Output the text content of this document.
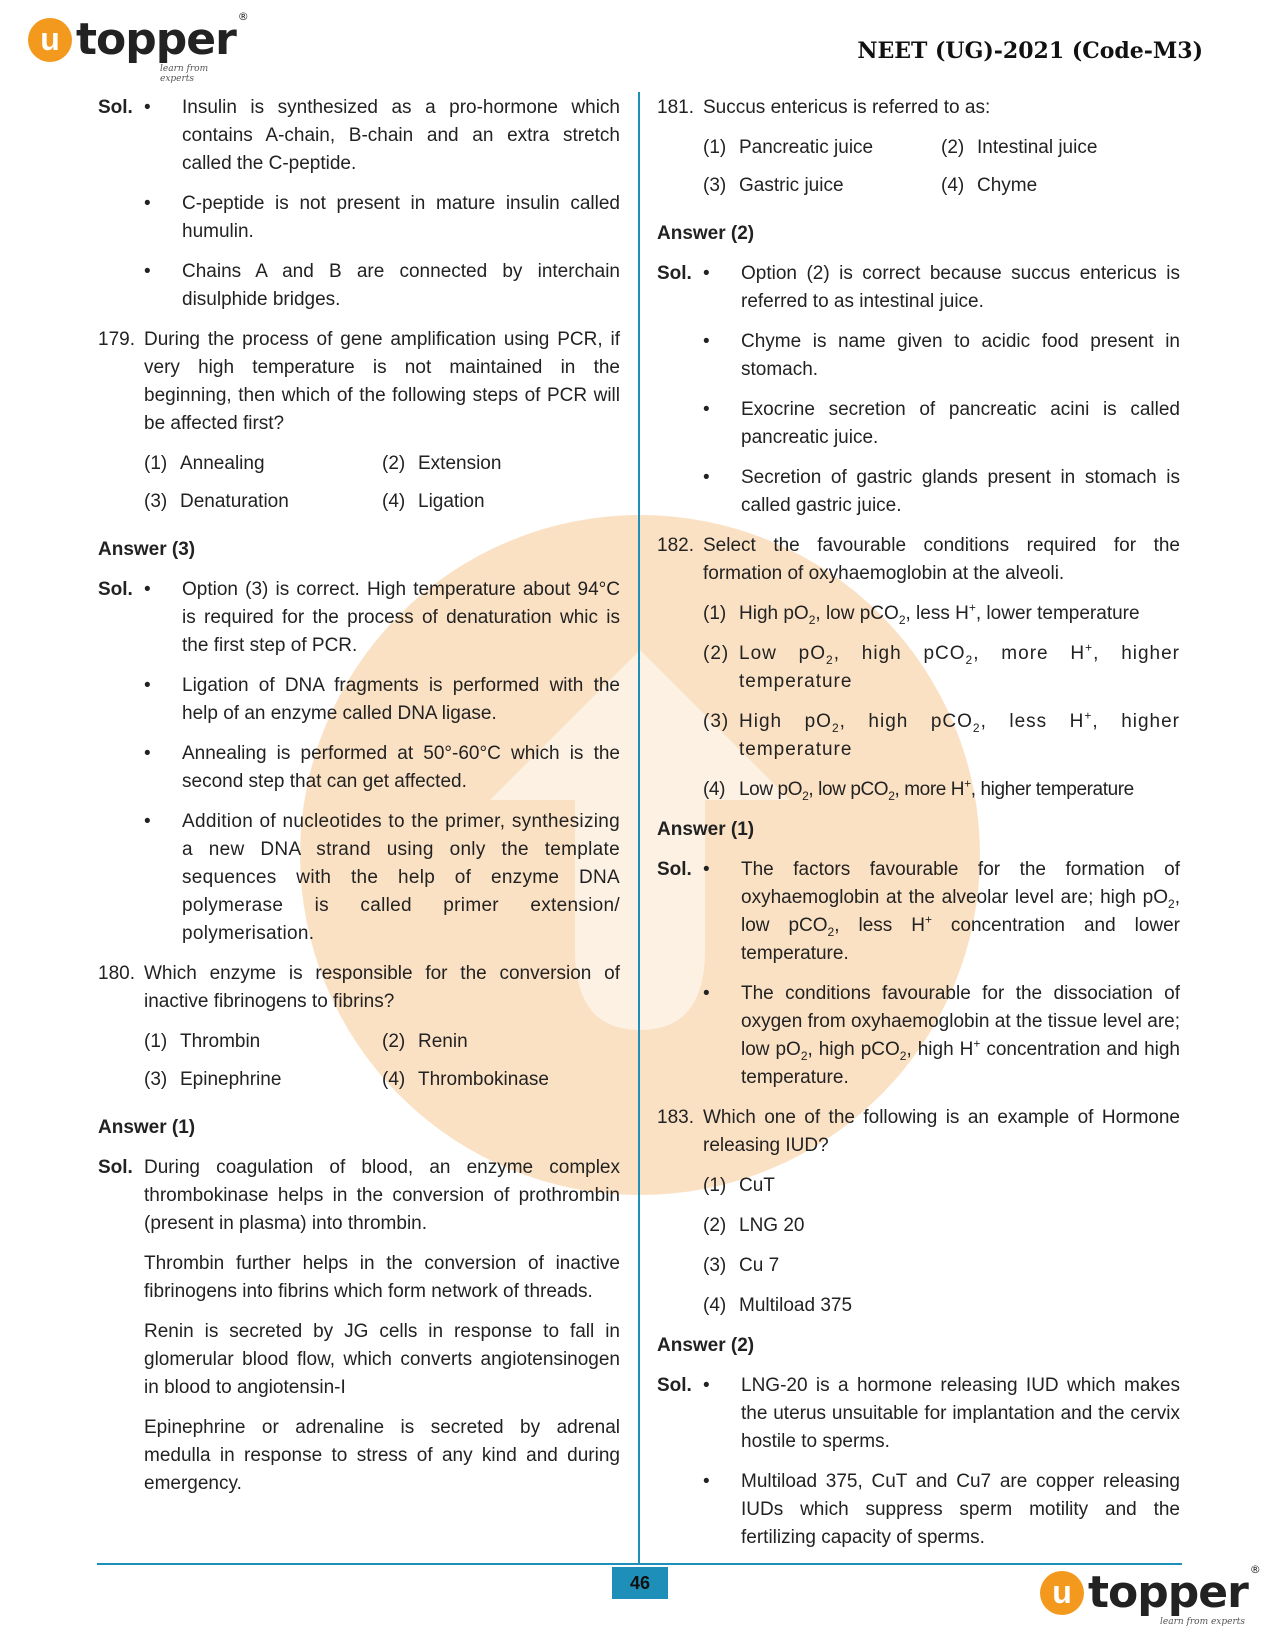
u topper ®
learn from experts
NEET (UG)-2021 (Code-M3)
Sol. • Insulin is synthesized as a pro-hormone which contains A-chain, B-chain and an extra stretch called the C-peptide.
• C-peptide is not present in mature insulin called humulin.
• Chains A and B are connected by interchain disulphide bridges.
179. During the process of gene amplification using PCR, if very high temperature is not maintained in the beginning, then which of the following steps of PCR will be affected first?
(1) Annealing	(2) Extension
(3) Denaturation	(4) Ligation
Answer (3)
Sol. • Option (3) is correct. High temperature about 94°C is required for the process of denaturation whic is the first step of PCR.
• Ligation of DNA fragments is performed with the help of an enzyme called DNA ligase.
• Annealing is performed at 50°-60°C which is the second step that can get affected.
• Addition of nucleotides to the primer, synthesizing a new DNA strand using only the template sequences with the help of enzyme DNA polymerase is called primer extension/ polymerisation.
180. Which enzyme is responsible for the conversion of inactive fibrinogens to fibrins?
(1) Thrombin	(2) Renin
(3) Epinephrine	(4) Thrombokinase
Answer (1)
Sol. During coagulation of blood, an enzyme complex thrombokinase helps in the conversion of prothrombin (present in plasma) into thrombin.
Thrombin further helps in the conversion of inactive fibrinogens into fibrins which form network of threads.
Renin is secreted by JG cells in response to fall in glomerular blood flow, which converts angiotensinogen in blood to angiotensin-I
Epinephrine or adrenaline is secreted by adrenal medulla in response to stress of any kind and during emergency.
181. Succus entericus is referred to as:
(1) Pancreatic juice	(2) Intestinal juice
(3) Gastric juice	(4) Chyme
Answer (2)
Sol. • Option (2) is correct because succus entericus is referred to as intestinal juice.
• Chyme is name given to acidic food present in stomach.
• Exocrine secretion of pancreatic acini is called pancreatic juice.
• Secretion of gastric glands present in stomach is called gastric juice.
182. Select the favourable conditions required for the formation of oxyhaemoglobin at the alveoli.
(1) High $pO_2$, low pCO$_2$, less H+, lower temperature
(2) Low $pO_2$, high pCO$_2$, more H+, higher temperature
(3) High $pO_2$, high pCO$_2$, less H+, higher temperature
(4) Low $pO_2$, low pCO$_2$, more H+, higher temperature
Answer (1)
Sol. • The factors favourable for the formation of oxyhaemoglobin at the alveolar level are; high $pO_2$, low pCO$_2$, less H+ concentration and lower temperature.
• The conditions favourable for the dissociation of oxygen from oxyhaemoglobin at the tissue level are; low $pO_2$, high pCO$_2$, high H+ concentration and high temperature.
183. Which one of the following is an example of Hormone releasing IUD?
(1) CuT
(2) LNG 20
(3) Cu 7
(4) Multiload 375
Answer (2)
Sol. • LNG-20 is a hormone releasing IUD which makes the uterus unsuitable for implantation and the cervix hostile to sperms.
• Multiload 375, CuT and Cu7 are copper releasing IUDs which suppress sperm motility and the fertilizing capacity of sperms.
46	u topper ®
learn from experts
